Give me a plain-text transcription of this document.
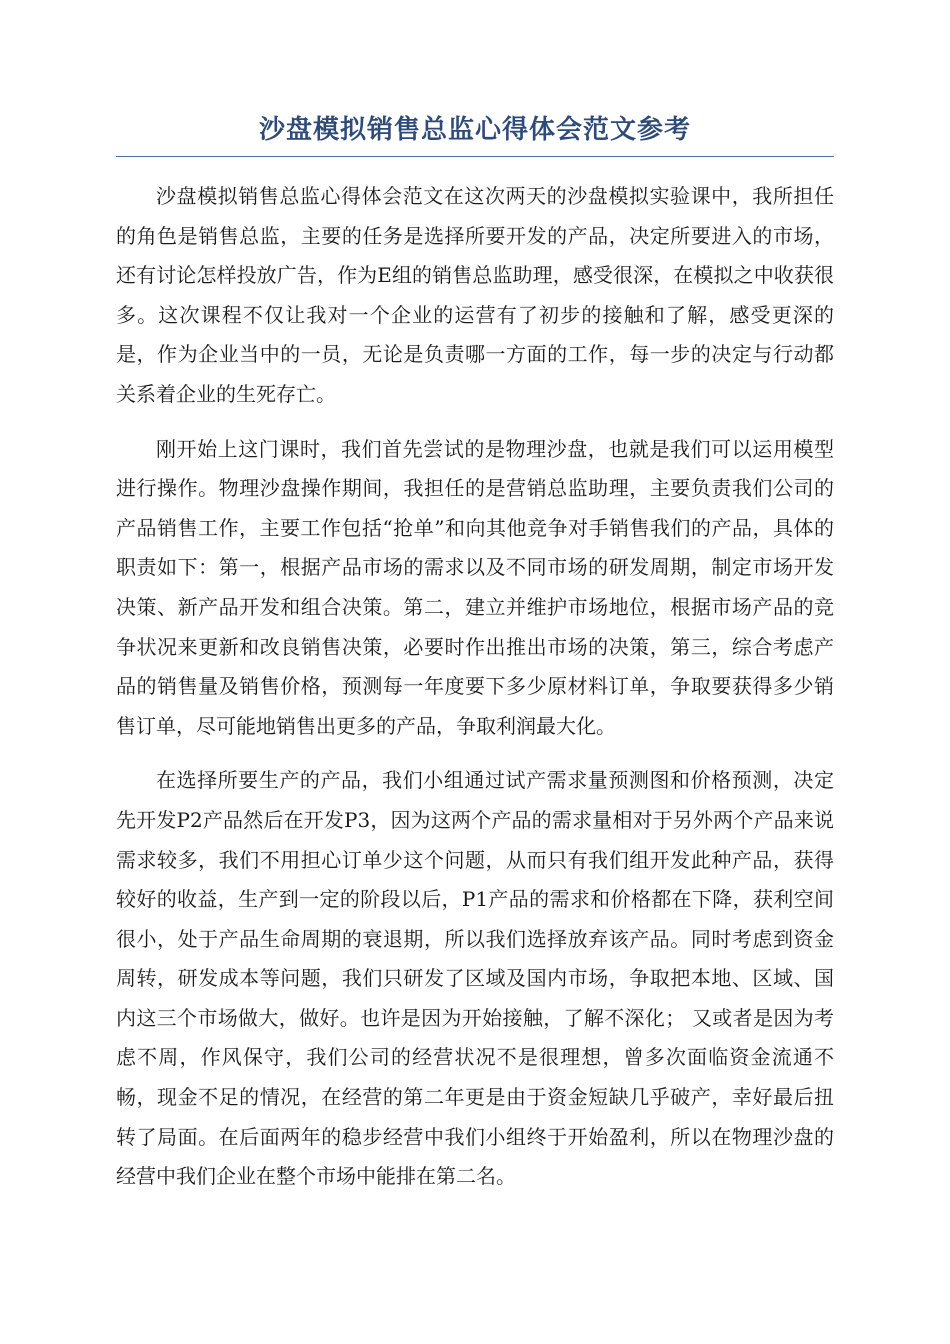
沙盘模拟销售总监心得体会范文参考

沙盘模拟销售总监心得体会范文在这次两天的沙盘模拟实验课中，我所担任的角色是销售总监，主要的任务是选择所要开发的产品，决定所要进入的市场，还有讨论怎样投放广告，作为E组的销售总监助理，感受很深，在模拟之中收获很多。这次课程不仅让我对一个企业的运营有了初步的接触和了解，感受更深的是，作为企业当中的一员，无论是负责哪一方面的工作，每一步的决定与行动都关系着企业的生死存亡。

刚开始上这门课时，我们首先尝试的是物理沙盘，也就是我们可以运用模型进行操作。物理沙盘操作期间，我担任的是营销总监助理，主要负责我们公司的产品销售工作，主要工作包括“抢单”和向其他竞争对手销售我们的产品，具体的职责如下：第一，根据产品市场的需求以及不同市场的研发周期，制定市场开发决策、新产品开发和组合决策。第二，建立并维护市场地位，根据市场产品的竞争状况来更新和改良销售决策，必要时作出推出市场的决策，第三，综合考虑产品的销售量及销售价格，预测每一年度要下多少原材料订单，争取要获得多少销售订单，尽可能地销售出更多的产品，争取利润最大化。

在选择所要生产的产品，我们小组通过试产需求量预测图和价格预测，决定先开发P2产品然后在开发P3，因为这两个产品的需求量相对于另外两个产品来说需求较多，我们不用担心订单少这个问题，从而只有我们组开发此种产品，获得较好的收益，生产到一定的阶段以后，P1产品的需求和价格都在下降，获利空间很小，处于产品生命周期的衰退期，所以我们选择放弃该产品。同时考虑到资金周转，研发成本等问题，我们只研发了区域及国内市场，争取把本地、区域、国内这三个市场做大，做好。也许是因为开始接触，了解不深化； 又或者是因为考虑不周，作风保守，我们公司的经营状况不是很理想，曾多次面临资金流通不畅，现金不足的情况，在经营的第二年更是由于资金短缺几乎破产，幸好最后扭转了局面。在后面两年的稳步经营中我们小组终于开始盈利，所以在物理沙盘的经营中我们企业在整个市场中能排在第二名。
